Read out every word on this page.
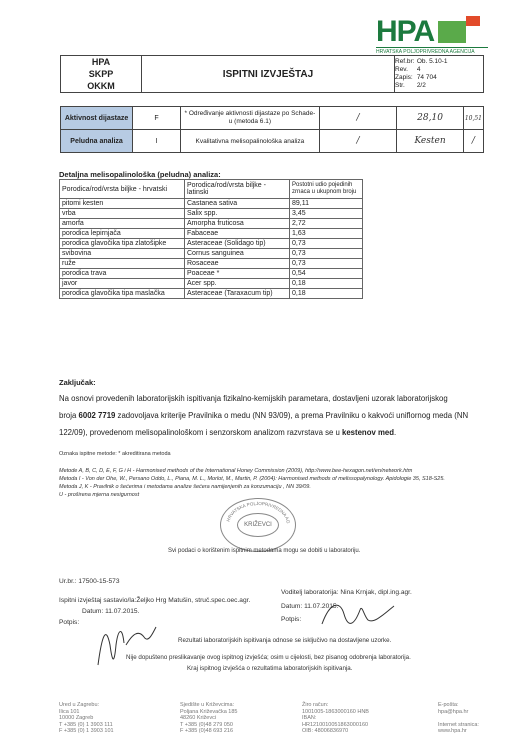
HPA
HRVATSKA POLJOPRIVREDNA AGENCIJA
HPA
SKPP
OKKM
	ISPITNI IZVJEŠTAJ	
Ref.br:
Ob. 5.10-1
Rev.
	4
Zapis:
74 704
Str.
	2/2
Aktivnost dijastaze	F	* Određivanje aktivnosti dijastaze po Schade-u (metoda 6.1)	/	28,10	10,51
Peludna analiza	I	Kvalitativna melisopalinološka analiza	/	Kesten	/
Detaljna melisopalinološka (peludna) analiza:
Porodica/rod/vrsta biljke - hrvatski	Porodica/rod/vrsta biljke - latinski	Postotni udio pojedinih zrnaca u ukupnom broju
pitomi kesten	Castanea sativa	89,11
vrba	Salix spp.	3,45
amorfa	Amorpha fruticosa	2,72
porodica lepirnjača	Fabaceae	1,63
porodica glavočika tipa zlatošipke	Asteraceae (Solidago tip)	0,73
svibovina	Cornus sanguinea	0,73
ruže	Rosaceae	0,73
porodica trava	Poaceae *	0,54
javor	Acer spp.	0,18
porodica glavočika tipa maslačka	Asteraceae (Taraxacum tip)	0,18
Zaključak:
Na osnovi provedenih laboratorijskih ispitivanja fizikalno-kemijskih parametara, dostavljeni uzorak laboratorijskog
broja 6002 7719 zadovoljava kriterije Pravilnika o medu (NN 93/09), a prema Pravilniku o kakvoći uniflornog meda (NN
122/09), provedenom melisopalinološkom i senzorskom analizom razvrstava se u kestenov med.
Oznaka ispitne metode: * akreditirana metoda
Metode A, B, C, D, E, F, G i H - Harmonised methods of the International Honey Commission (2009), http://www.bee-hexagon.net/en/network.htm
Metoda I - Von der Ohe, W., Persano Oddo, L., Piana, M. L., Morlot, M., Martin, P. (2004): Harmonised methods of melissopalynology. Apidologie 35, S18-S25.
Metoda J, K - Pravilnik o šećerima i metodama analize šećera namijenjenih za konzumaciju , NN 39/09.
U - proširena mjerna nesigurnost
HRVATSKA POLJOPRIVREDNA AG
KRIŽEVCI
Svi podaci o korištenim ispitnim metodama mogu se dobiti u laboratoriju.
Ur.br.: 17500-15-573
Ispitni izvještaj sastavio/la:Željko Hrg Matušin, struč.spec.oec.agr.
Datum: 11.07.2015.
Potpis:
Voditelj laboratorija: Nina Krnjak, dipl.ing.agr.
Datum: 11.07.2015.
Potpis:
Rezultati laboratorijskih ispitivanja odnose se isključivo na dostavljene uzorke.
Nije dopušteno preslikavanje ovog ispitnog izvješća; osim u cijelosti, bez pisanog odobrenja laboratorija.
Kraj ispitnog izvješća o rezultatima laboratorijskih ispitivanja.
Ured u Zagrebu:
Ilica 101
10000 Zagreb
T +385 (0) 1 3903 111
F +385 (0) 1 3903 101
Sjedište u Križevcima:
Poljana Križevačka 185
48260 Križevci
T +385 (0)48 279 050
F +385 (0)48 693 216
Žiro račun:
1001005-1863000160 HNB
IBAN:
HR1210010051863000160
OIB: 48006836970
E-pošta:
hpa@hpa.hr

Internet stranica:
www.hpa.hr
